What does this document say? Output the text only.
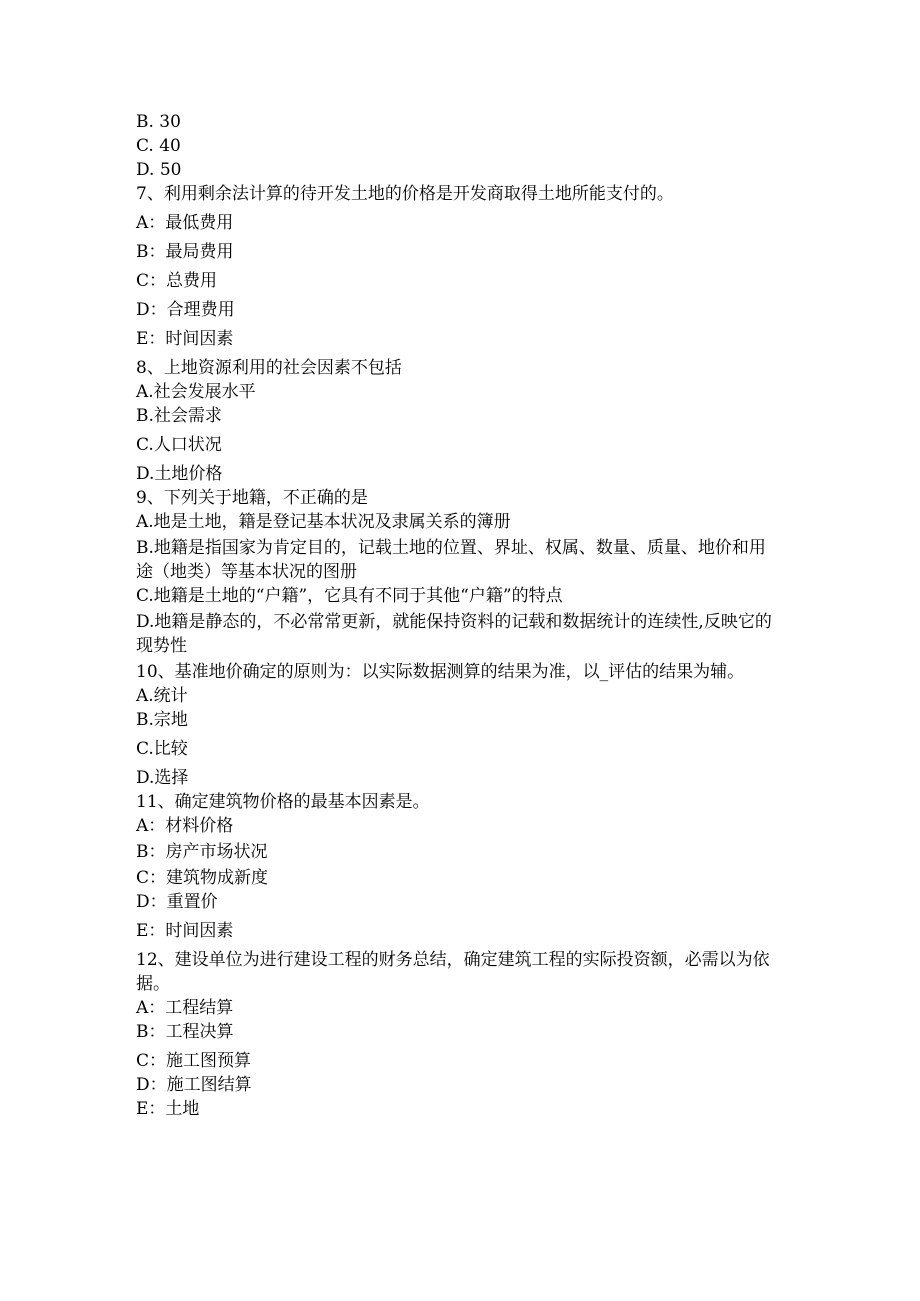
B. 30
C. 40
D. 50
7、利用剩余法计算的待开发土地的价格是开发商取得土地所能支付的。
A：最低费用
B：最局费用
C：总费用
D：合理费用
E：时间因素
8、上地资源利用的社会因素不包括
A.社会发展水平
B.社会需求
C.人口状况
D.土地价格
9、下列关于地籍，不正确的是
A.地是土地，籍是登记基本状况及隶属关系的簿册
B.地籍是指国家为肯定目的，记载土地的位置、界址、权属、数量、质量、地价和用途（地类）等基本状况的图册
C.地籍是土地的“户籍”，它具有不同于其他“户籍”的特点
D.地籍是静态的，不必常常更新，就能保持资料的记载和数据统计的连续性,反映它的现势性
10、基准地价确定的原则为：以实际数据测算的结果为准，以_评估的结果为辅。
A.统计
B.宗地
C.比较
D.选择
11、确定建筑物价格的最基本因素是。
A：材料价格
B：房产市场状况
C：建筑物成新度
D：重置价
E：时间因素
12、建设单位为进行建设工程的财务总结，确定建筑工程的实际投资额，必需以为依据。
A：工程结算
B：工程决算
C：施工图预算
D：施工图结算
E：土地
